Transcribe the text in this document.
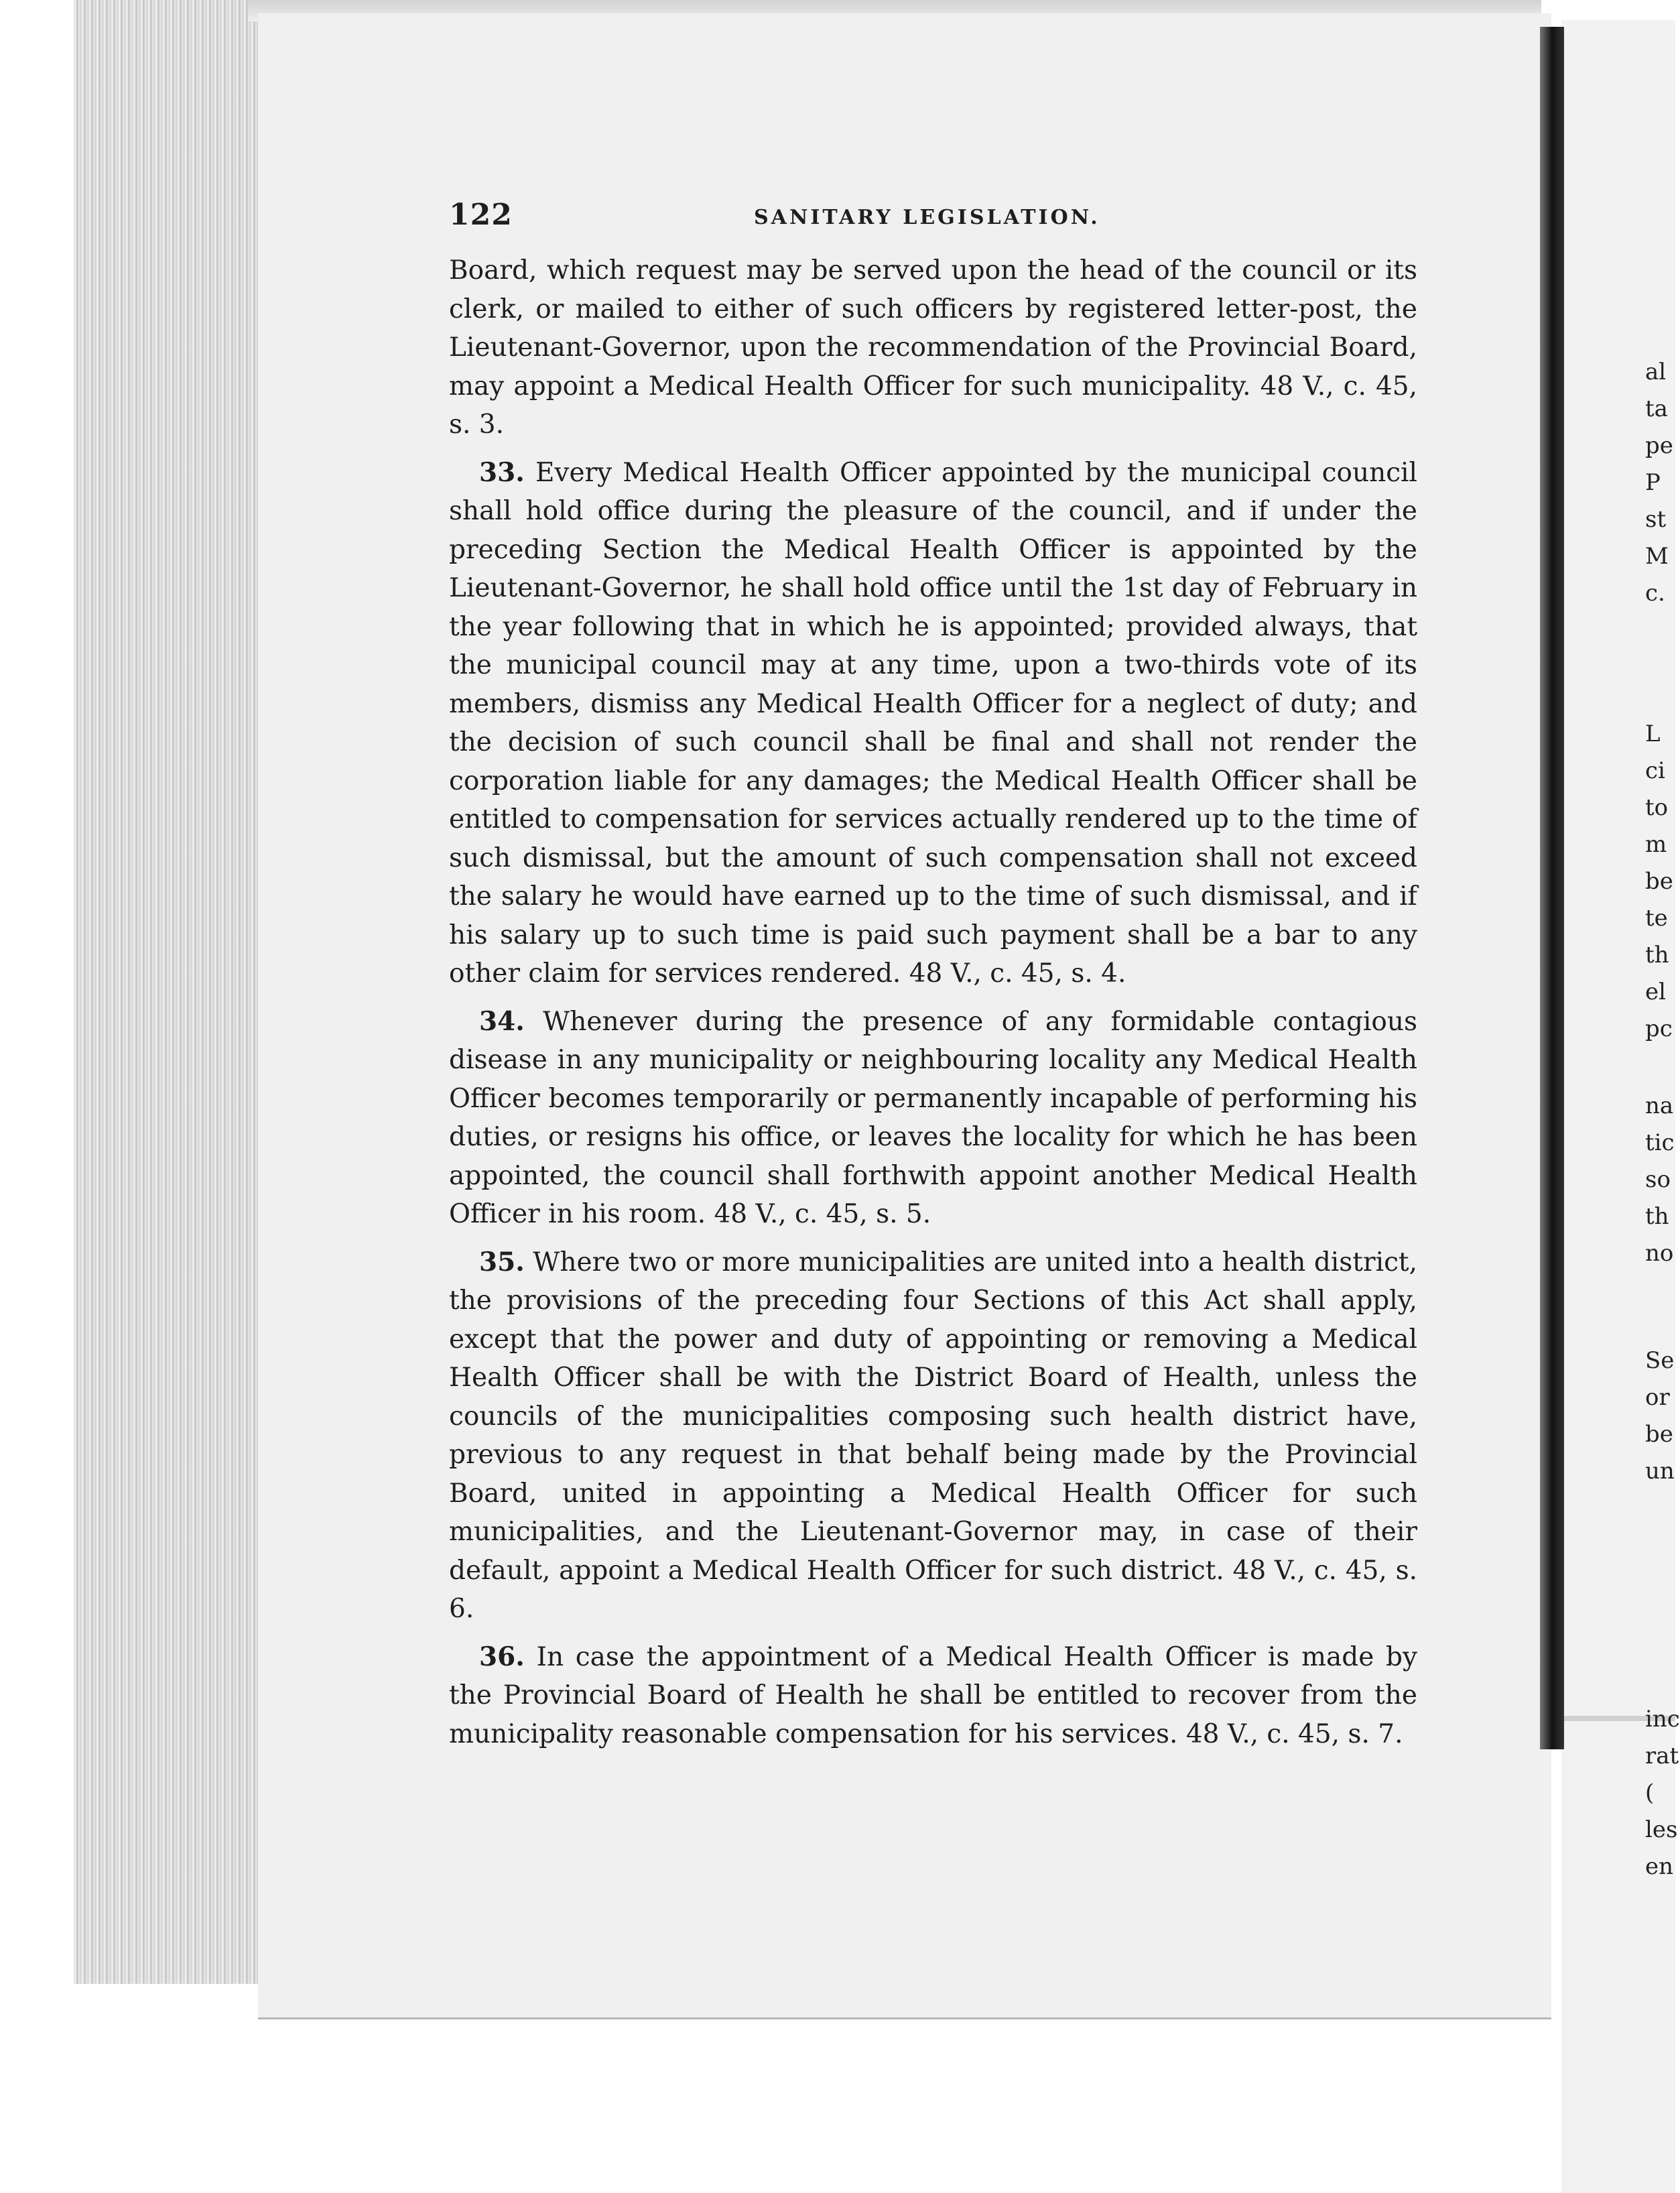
122	SANITARY LEGISLATION.

Board, which request may be served upon the head of the council or its clerk, or mailed to either of such officers by registered letter-post, the Lieutenant-Governor, upon the recommendation of the Provincial Board, may appoint a Medical Health Officer for such municipality. 48 V., c. 45, s. 3.

33. Every Medical Health Officer appointed by the municipal council shall hold office during the pleasure of the council, and if under the preceding Section the Medical Health Officer is appointed by the Lieutenant-Governor, he shall hold office until the 1st day of February in the year following that in which he is appointed; provided always, that the municipal council may at any time, upon a two-thirds vote of its members, dismiss any Medical Health Officer for a neglect of duty; and the decision of such council shall be final and shall not render the corporation liable for any damages; the Medical Health Officer shall be entitled to compensation for services actually rendered up to the time of such dismissal, but the amount of such compensation shall not exceed the salary he would have earned up to the time of such dismissal, and if his salary up to such time is paid such payment shall be a bar to any other claim for services rendered. 48 V., c. 45, s. 4.

34. Whenever during the presence of any formidable contagious disease in any municipality or neighbouring locality any Medical Health Officer becomes temporarily or permanently incapable of performing his duties, or resigns his office, or leaves the locality for which he has been appointed, the council shall forthwith appoint another Medical Health Officer in his room. 48 V., c. 45, s. 5.

35. Where two or more municipalities are united into a health district, the provisions of the preceding four Sections of this Act shall apply, except that the power and duty of appointing or removing a Medical Health Officer shall be with the District Board of Health, unless the councils of the municipalities composing such health district have, previous to any request in that behalf being made by the Provincial Board, united in appointing a Medical Health Officer for such municipalities, and the Lieutenant-Governor may, in case of their default, appoint a Medical Health Officer for such district. 48 V., c. 45, s. 6.

36. In case the appointment of a Medical Health Officer is made by the Provincial Board of Health he shall be entitled to recover from the municipality reasonable compensation for his services. 48 V., c. 45, s. 7.

al
ta
pe
P
st
M
c.
L
ci
to
m
be
te
th
el
pc
na
tic
so
th
no
Se
or
be
un
inc
rat
(
les
en
